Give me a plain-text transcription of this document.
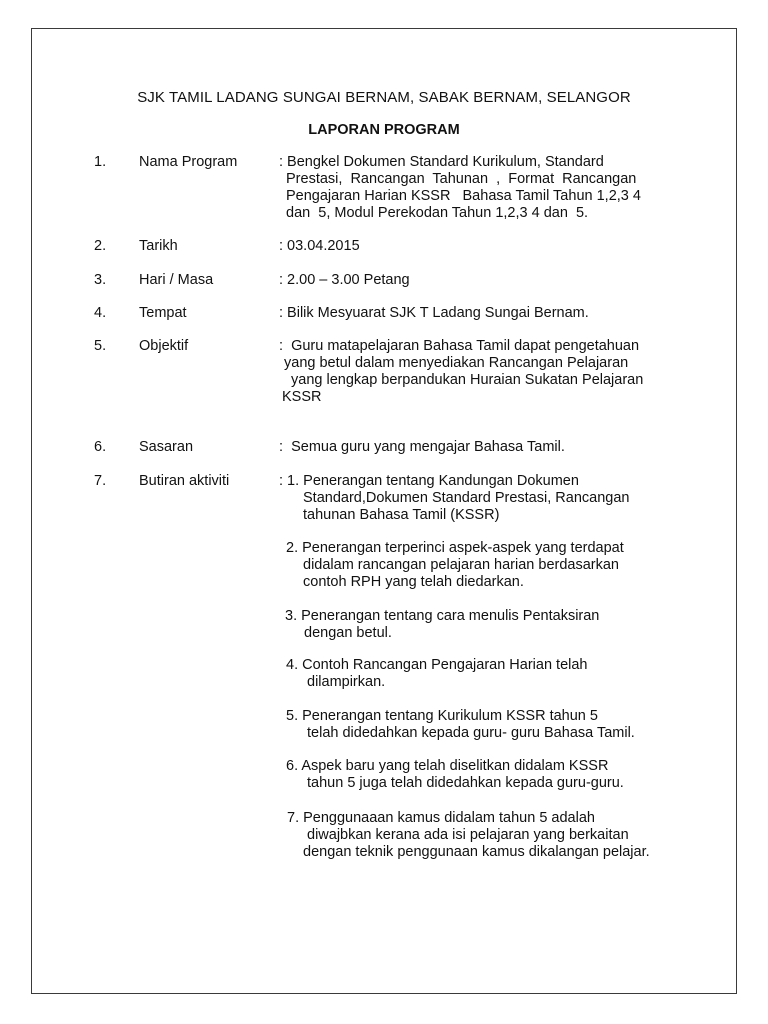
SJK TAMIL LADANG SUNGAI BERNAM, SABAK BERNAM, SELANGOR
LAPORAN PROGRAM
1. Nama Program	: Bengkel Dokumen Standard Kurikulum, Standard
Prestasi,  Rancangan  Tahunan  ,  Format  Rancangan
Pengajaran Harian KSSR   Bahasa Tamil Tahun 1,2,3 4
dan  5, Modul Perekodan Tahun 1,2,3 4 dan  5.
2. Tarikh	: 03.04.2015
3. Hari / Masa	: 2.00 – 3.00 Petang
4. Tempat	: Bilik Mesyuarat SJK T Ladang Sungai Bernam.
5. Objektif	:  Guru matapelajaran Bahasa Tamil dapat pengetahuan
yang betul dalam menyediakan Rancangan Pelajaran
yang lengkap berpandukan Huraian Sukatan Pelajaran
KSSR
6. Sasaran	:  Semua guru yang mengajar Bahasa Tamil.
7. Butiran aktiviti	: 1. Penerangan tentang Kandungan Dokumen
Standard,Dokumen Standard Prestasi, Rancangan
tahunan Bahasa Tamil (KSSR)
2. Penerangan terperinci aspek-aspek yang terdapat
didalam rancangan pelajaran harian berdasarkan
contoh RPH yang telah diedarkan.
3. Penerangan tentang cara menulis Pentaksiran
dengan betul.
4. Contoh Rancangan Pengajaran Harian telah
dilampirkan.
5. Penerangan tentang Kurikulum KSSR tahun 5
telah didedahkan kepada guru- guru Bahasa Tamil.
6. Aspek baru yang telah diselitkan didalam KSSR
tahun 5 juga telah didedahkan kepada guru-guru.
7. Penggunaaan kamus didalam tahun 5 adalah
diwajbkan kerana ada isi pelajaran yang berkaitan
dengan teknik penggunaan kamus dikalangan pelajar.
